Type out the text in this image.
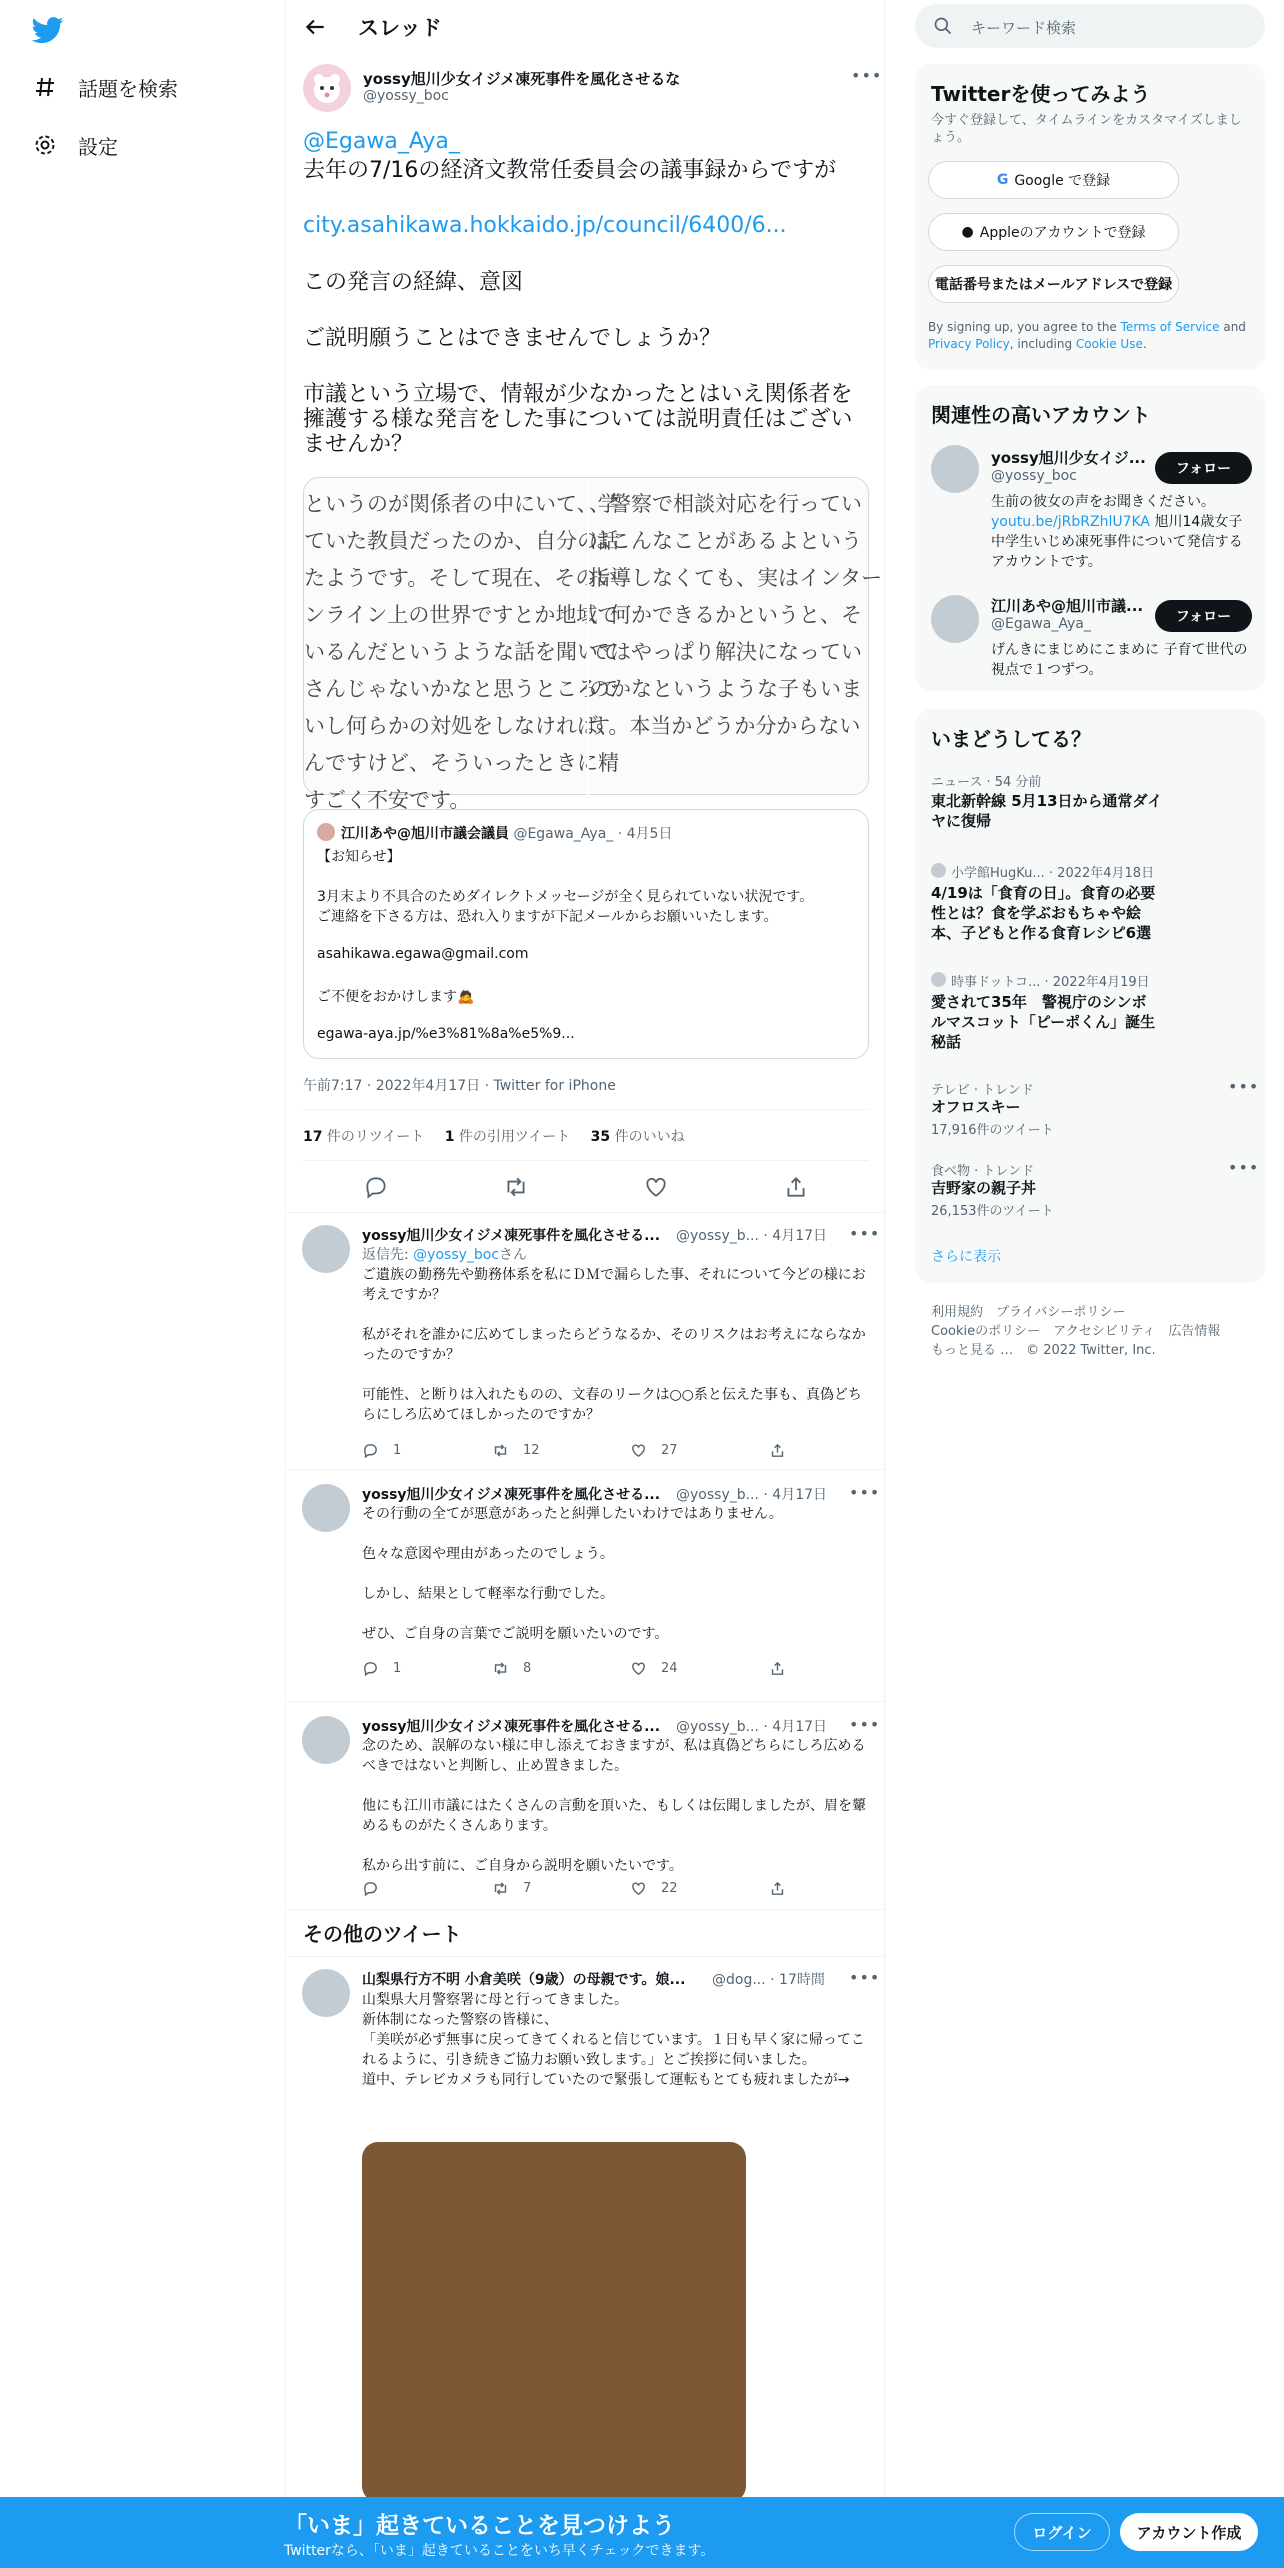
話題を検索
設定
スレッド
yossy旭川少女イジメ凍死事件を風化させるな
@yossy_boc
•••
@Egawa_Aya_
去年の7/16の経済文教常任委員会の議事録からですが
city.asahikawa.hokkaido.jp/council/6400/6...
この発言の経緯、意図
ご説明願うことはできませんでしょうか？
市議という立場で、情報が少なかったとはいえ関係者を擁護する様な発言をした事については説明責任はございませんか？
というのが関係者の中にいて、学
ていた教員だったのか、自分の話
たようです。そして現在、そのい
ンライン上の世界ですとか地域で
いるんだというような話を聞いて
さんじゃないかなと思うところで
いし何らかの対処をしなければ、
んですけど、そういったときに精
すごく不安です。
、警察で相談対応を行ってい
はこんなことがあるよという
指導しなくても、実はインター
、何かできるかというと、そ
ではやっぱり解決になってい
のかなというような子もいま
す。本当かどうか分からない
江川あや@旭川市議会議員 @Egawa_Aya_ · 4月5日
【お知らせ】
3月末より不具合のためダイレクトメッセージが全く見られていない状況です。
ご連絡を下さる方は、恐れ入りますが下記メールからお願いいたします。
asahikawa.egawa@gmail.com
ご不便をおかけします🙇
egawa-aya.jp/%e3%81%8a%e5%9...
午前7:17 · 2022年4月17日 · Twitter for iPhone
17 件のリツイート 1 件の引用ツイート 35 件のいいね
yossy旭川少女イジメ凍死事件を風化させる... @yossy_b... · 4月17日 •••
返信先: @yossy_bocさん
ご遺族の勤務先や勤務体系を私にＤＭで漏らした事、それについて今どの様にお考えですか？
私がそれを誰かに広めてしまったらどうなるか、そのリスクはお考えにならなかったのですか？
可能性、と断りは入れたものの、文春のリークは○○系と伝えた事も、真偽どちらにしろ広めてほしかったのですか？
1	12	27
yossy旭川少女イジメ凍死事件を風化させる... @yossy_b... · 4月17日 •••
その行動の全てが悪意があったと糾弾したいわけではありません。
色々な意図や理由があったのでしょう。
しかし、結果として軽率な行動でした。
ぜひ、ご自身の言葉でご説明を願いたいのです。
1	8	24
yossy旭川少女イジメ凍死事件を風化させる... @yossy_b... · 4月17日 •••
念のため、誤解のない様に申し添えておきますが、私は真偽どちらにしろ広めるべきではないと判断し、止め置きました。
他にも江川市議にはたくさんの言動を頂いた、もしくは伝聞しましたが、眉を顰めるものがたくさんあります。
私から出す前に、ご自身から説明を願いたいです。
7	22
その他のツイート
山梨県行方不明 小倉美咲（9歳）の母親です。娘... @dog... · 17時間 •••
山梨県大月警察署に母と行ってきました。
新体制になった警察の皆様に、
「美咲が必ず無事に戻ってきてくれると信じています。１日も早く家に帰ってこれるように、引き続きご協力お願い致します。」とご挨拶に伺いました。
道中、テレビカメラも同行していたので緊張して運転もとても疲れましたが→
キーワード検索
Twitterを使ってみよう
今すぐ登録して、タイムラインをカスタマイズしましょう。
G Google で登録
● Appleのアカウントで登録
電話番号またはメールアドレスで登録
By signing up, you agree to the Terms of Service and Privacy Policy, including Cookie Use.
関連性の高いアカウント
yossy旭川少女イジ...
@yossy_boc	フォロー
生前の彼女の声をお聞きください。youtu.be/jRbRZhlU7KA 旭川14歳女子中学生いじめ凍死事件について発信するアカウントです。
江川あや@旭川市議...
@Egawa_Aya_	フォロー
げんきにまじめにこまめに 子育て世代の視点で１つずつ。
いまどうしてる？
ニュース · 54 分前
東北新幹線 5月13日から通常ダイヤに復帰
小学館HugKu... · 2022年4月18日
4/19は「食育の日」。食育の必要性とは？食を学ぶおもちゃや絵本、子どもと作る食育レシピ6選
時事ドットコ... · 2022年4月19日
愛されて35年　警視庁のシンボルマスコット「ピーポくん」誕生秘話
テレビ · トレンド
オフロスキー
17,916件のツイート
•••
食べ物 · トレンド
吉野家の親子丼
26,153件のツイート
•••
さらに表示
利用規約　プライバシーポリシー
Cookieのポリシー　アクセシビリティ　広告情報
もっと見る …　© 2022 Twitter, Inc.
「いま」起きていることを見つけよう
Twitterなら、「いま」起きていることをいち早くチェックできます。
ログイン	アカウント作成
